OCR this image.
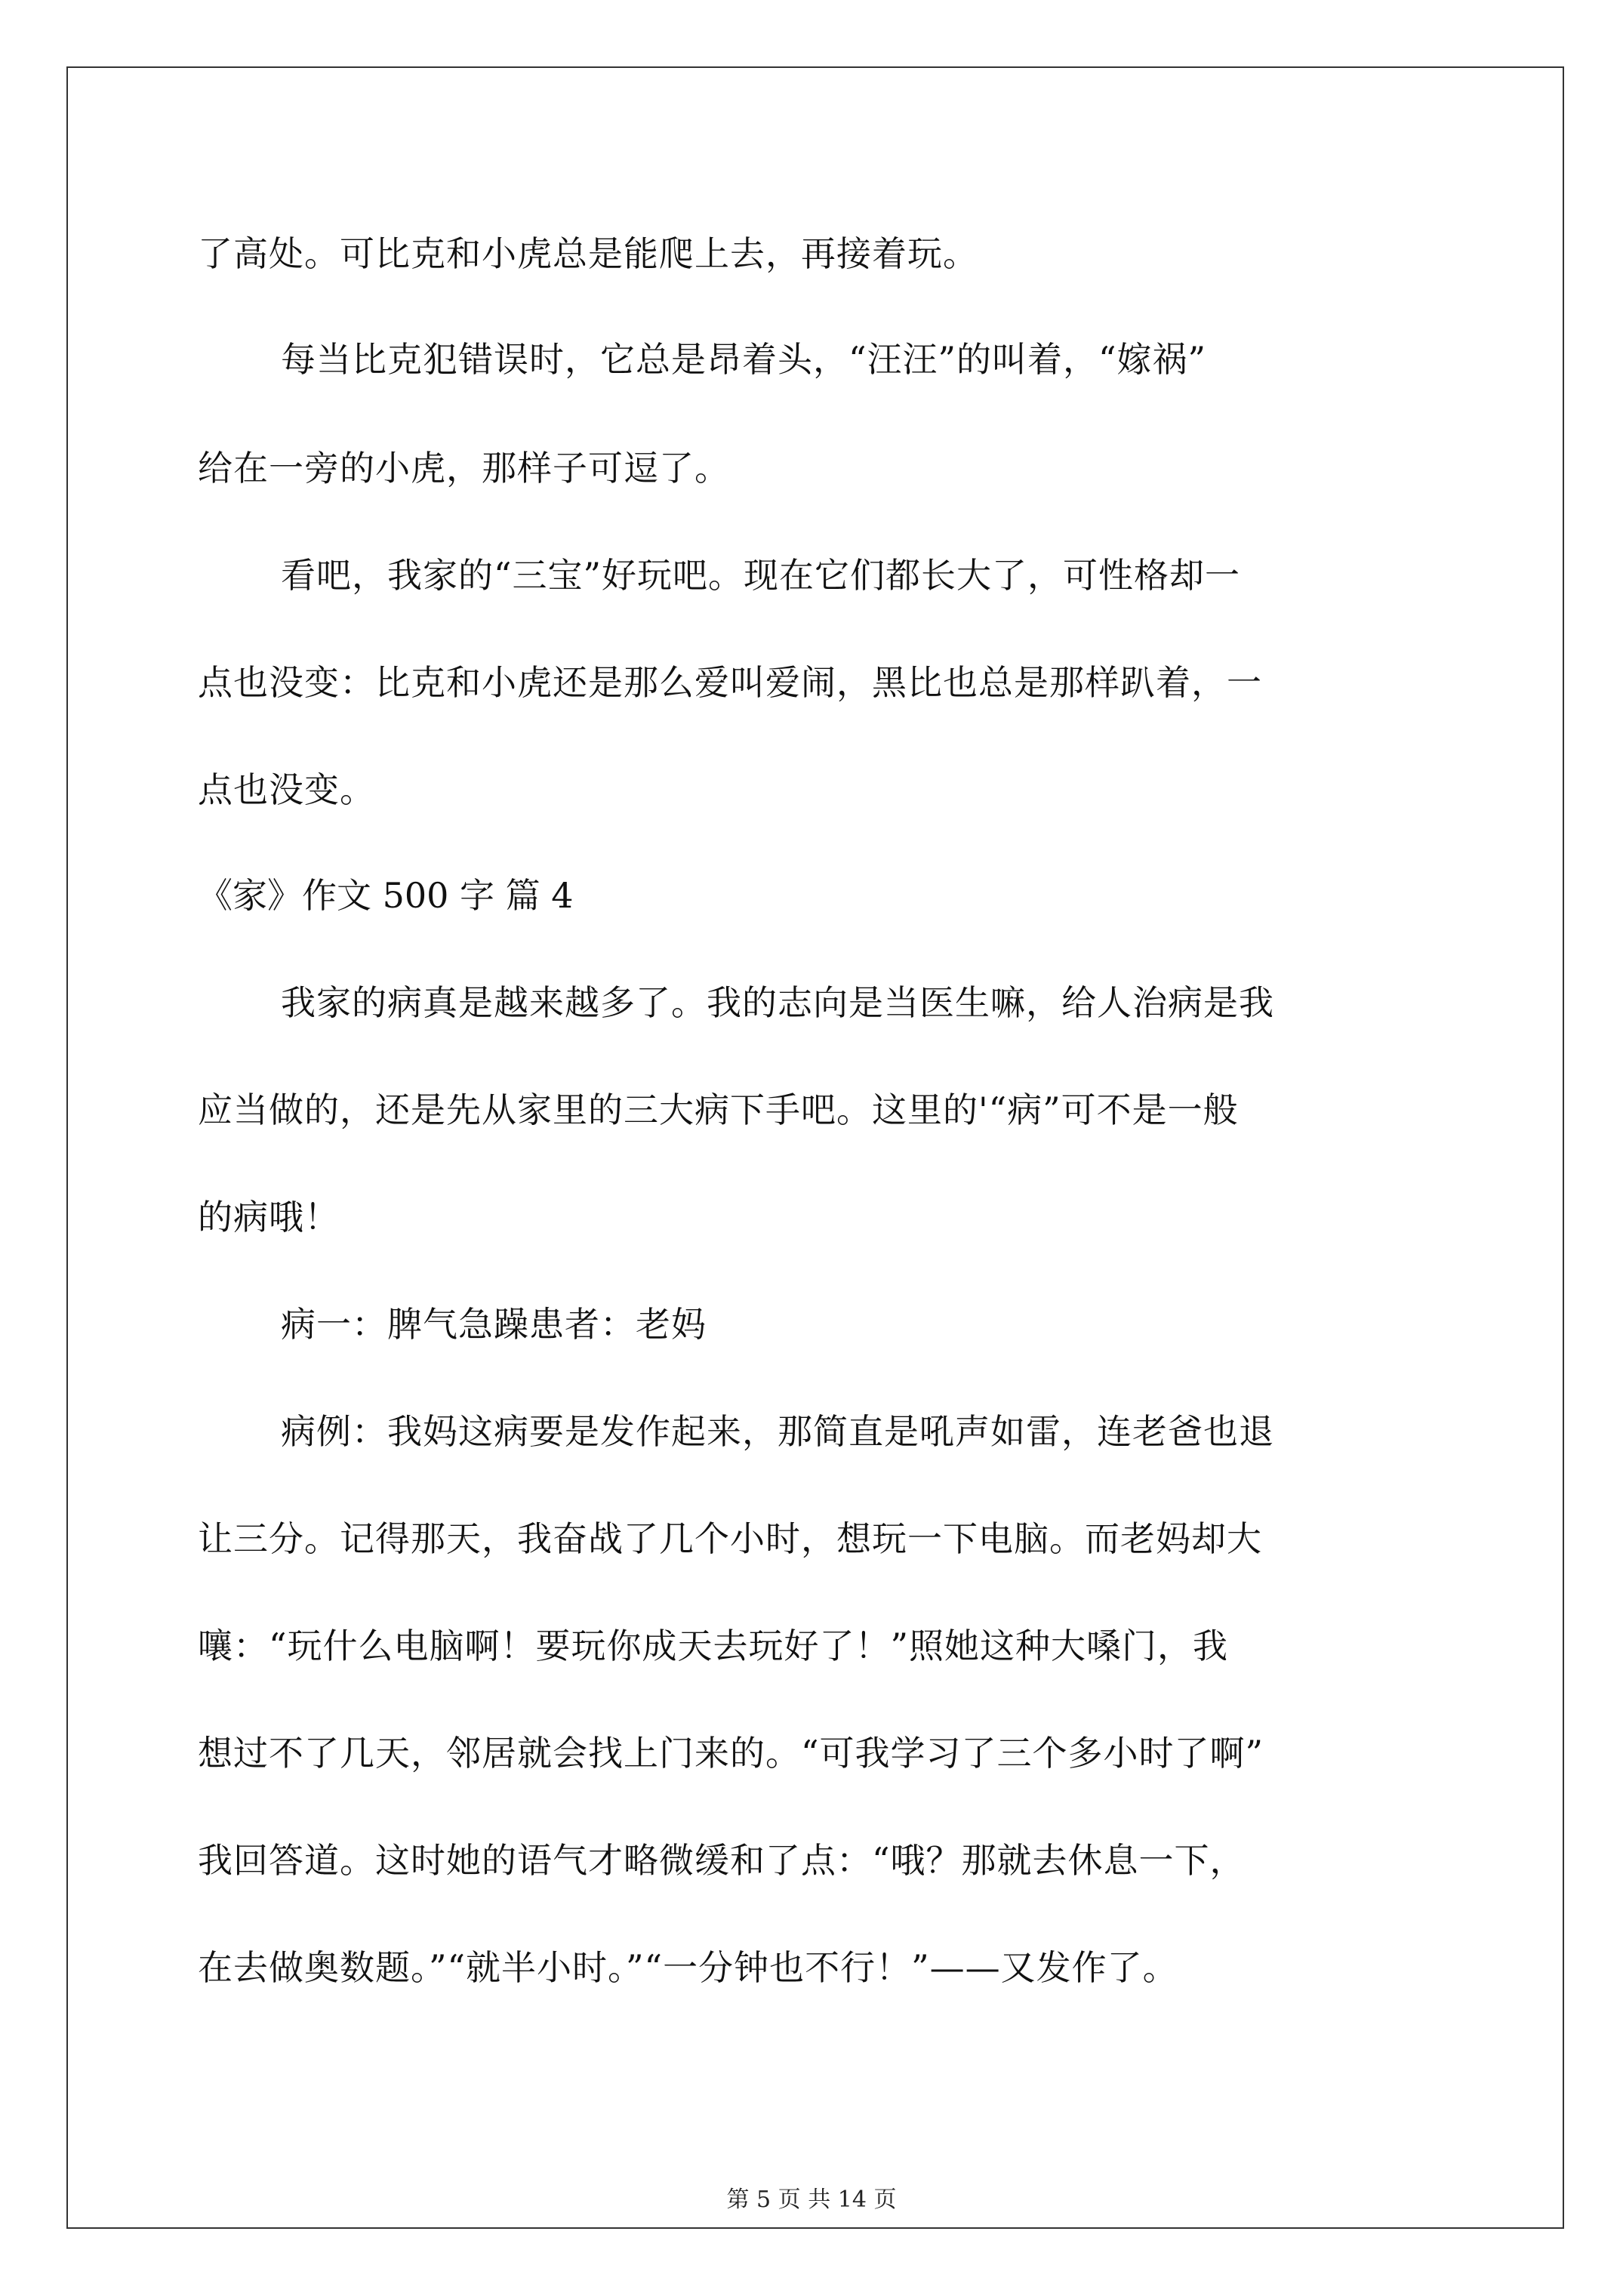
了高处。可比克和小虎总是能爬上去，再接着玩。
每当比克犯错误时，它总是昂着头，“汪汪”的叫着，“嫁祸”
给在一旁的小虎，那样子可逗了。
看吧，我家的“三宝”好玩吧。现在它们都长大了，可性格却一
点也没变：比克和小虎还是那么爱叫爱闹，黑比也总是那样趴着，一
点也没变。
《家》作文 500 字 篇 4
我家的病真是越来越多了。我的志向是当医生嘛，给人治病是我
应当做的，还是先从家里的三大病下手吧。这里的'“病”可不是一般
的病哦！
病一：脾气急躁患者：老妈
病例：我妈这病要是发作起来，那简直是吼声如雷，连老爸也退
让三分。记得那天，我奋战了几个小时，想玩一下电脑。而老妈却大
嚷：“玩什么电脑啊！要玩你成天去玩好了！”照她这种大嗓门，我
想过不了几天，邻居就会找上门来的。“可我学习了三个多小时了啊”
我回答道。这时她的语气才略微缓和了点：“哦？那就去休息一下，
在去做奥数题。”“就半小时。”“一分钟也不行！”——又发作了。
第 5 页 共 14 页
